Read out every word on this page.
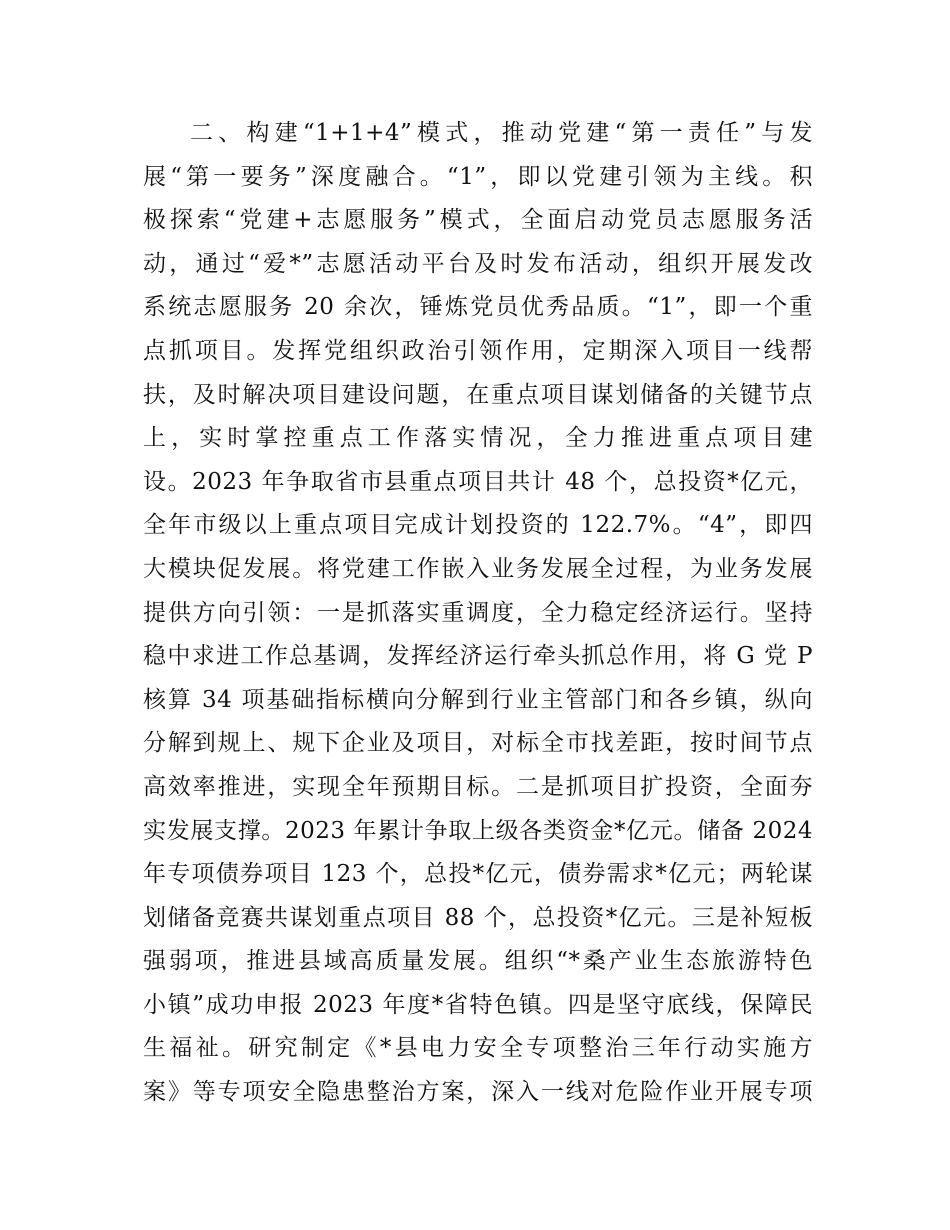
二、构建“1+1+4”模式，推动党建“第一责任”与发
展“第一要务”深度融合。“1”，即以党建引领为主线。积
极探索“党建+志愿服务”模式，全面启动党员志愿服务活
动，通过“爱*”志愿活动平台及时发布活动，组织开展发改
系统志愿服务 20 余次，锤炼党员优秀品质。“1”，即一个重
点抓项目。发挥党组织政治引领作用，定期深入项目一线帮
扶，及时解决项目建设问题，在重点项目谋划储备的关键节点
上，实时掌控重点工作落实情况，全力推进重点项目建
设。2023 年争取省市县重点项目共计 48 个，总投资*亿元，
全年市级以上重点项目完成计划投资的 122.7%。“4”，即四
大模块促发展。将党建工作嵌入业务发展全过程，为业务发展
提供方向引领：一是抓落实重调度，全力稳定经济运行。坚持
稳中求进工作总基调，发挥经济运行牵头抓总作用，将 G 党 P
核算 34 项基础指标横向分解到行业主管部门和各乡镇，纵向
分解到规上、规下企业及项目，对标全市找差距，按时间节点
高效率推进，实现全年预期目标。二是抓项目扩投资，全面夯
实发展支撑。2023 年累计争取上级各类资金*亿元。储备 2024
年专项债券项目 123 个，总投*亿元，债券需求*亿元；两轮谋
划储备竞赛共谋划重点项目 88 个，总投资*亿元。三是补短板
强弱项，推进县域高质量发展。组织“*桑产业生态旅游特色
小镇”成功申报 2023 年度*省特色镇。四是坚守底线，保障民
生福祉。研究制定《*县电力安全专项整治三年行动实施方
案》等专项安全隐患整治方案，深入一线对危险作业开展专项
